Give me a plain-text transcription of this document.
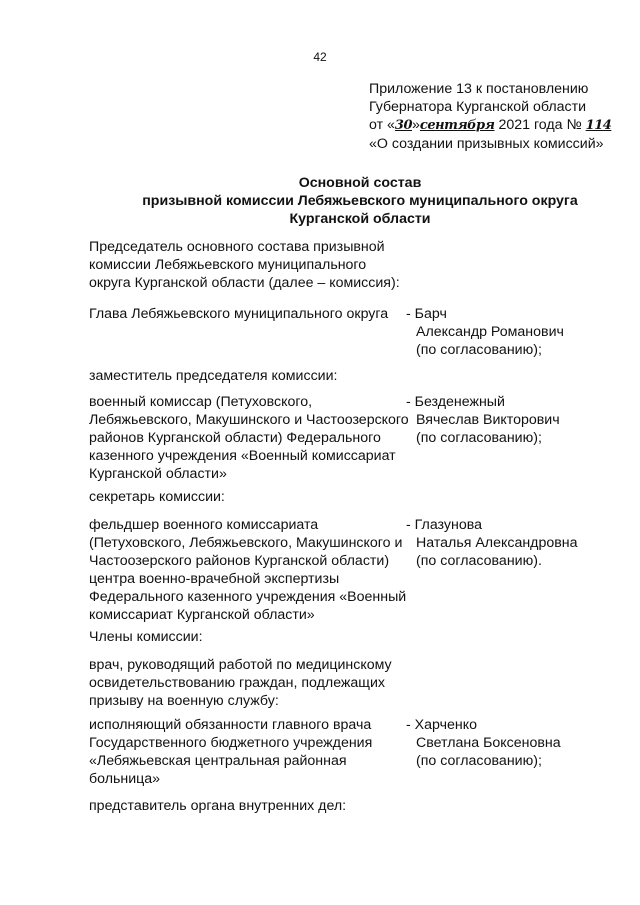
42
Приложение 13 к постановлению
Губернатора Курганской области
от «30»сентября 2021 года № 114
«О создании призывных комиссий»
Основной состав
призывной комиссии Лебяжьевского муниципального округа
Курганской области
Председатель основного состава призывной
комиссии Лебяжьевского муниципального
округа Курганской области (далее – комиссия):
Глава Лебяжьевского муниципального округа	- Барч
Александр Романович
(по согласованию);
заместитель председателя комиссии:
военный комиссар (Петуховского,
Лебяжьевского, Макушинского и Частоозерского
районов Курганской области) Федерального
казенного учреждения «Военный комиссариат
Курганской области»
- Безденежный
Вячеслав Викторович
(по согласованию);
секретарь комиссии:
фельдшер военного комиссариата
(Петуховского, Лебяжьевского, Макушинского и
Частоозерского районов Курганской области)
центра военно-врачебной экспертизы
Федерального казенного учреждения «Военный
комиссариат Курганской области»
- Глазунова
Наталья Александровна
(по согласованию).
Члены комиссии:
врач, руководящий работой по медицинскому
освидетельствованию граждан, подлежащих
призыву на военную службу:
исполняющий обязанности главного врача
Государственного бюджетного учреждения
«Лебяжьевская центральная районная
больница»
- Харченко
Светлана Боксеновна
(по согласованию);
представитель органа внутренних дел:
